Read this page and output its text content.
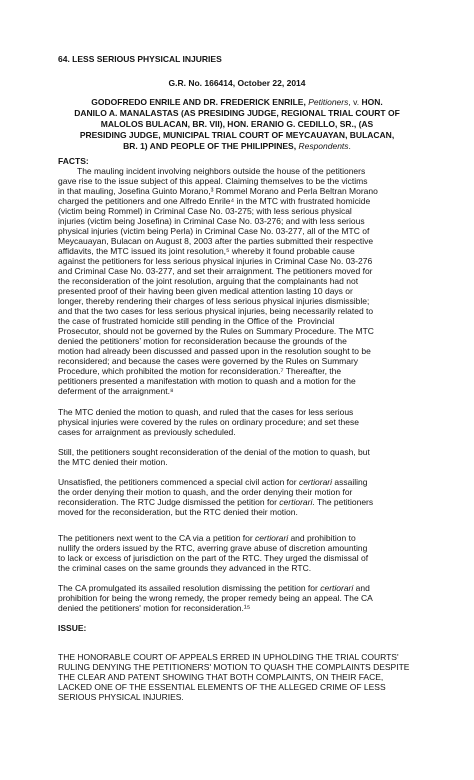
64. LESS SERIOUS PHYSICAL INJURIES
G.R. No. 166414, October 22, 2014
GODOFREDO ENRILE AND DR. FREDERICK ENRILE, Petitioners, v. HON.
DANILO A. MANALASTAS (AS PRESIDING JUDGE, REGIONAL TRIAL COURT OF
MALOLOS BULACAN, BR. VII), HON. ERANIO G. CEDILLO, SR., (AS
PRESIDING JUDGE, MUNICIPAL TRIAL COURT OF MEYCAUAYAN, BULACAN,
BR. 1) AND PEOPLE OF THE PHILIPPINES, Respondents.
FACTS:
The mauling incident involving neighbors outside the house of the petitioners
gave rise to the issue subject of this appeal. Claiming themselves to be the victims
in that mauling, Josefina Guinto Morano,³ Rommel Morano and Perla Beltran Morano
charged the petitioners and one Alfredo Enrile⁴ in the MTC with frustrated homicide
(victim being Rommel) in Criminal Case No. 03-275; with less serious physical
injuries (victim being Josefina) in Criminal Case No. 03-276; and with less serious
physical injuries (victim being Perla) in Criminal Case No. 03-277, all of the MTC of
Meycauayan, Bulacan on August 8, 2003 after the parties submitted their respective
affidavits, the MTC issued its joint resolution,⁵ whereby it found probable cause
against the petitioners for less serious physical injuries in Criminal Case No. 03-276
and Criminal Case No. 03-277, and set their arraignment. The petitioners moved for
the reconsideration of the joint resolution, arguing that the complainants had not
presented proof of their having been given medical attention lasting 10 days or
longer, thereby rendering their charges of less serious physical injuries dismissible;
and that the two cases for less serious physical injuries, being necessarily related to
the case of frustrated homicide still pending in the Office of the  Provincial
Prosecutor, should not be governed by the Rules on Summary Procedure. The MTC
denied the petitioners’ motion for reconsideration because the grounds of the
motion had already been discussed and passed upon in the resolution sought to be
reconsidered; and because the cases were governed by the Rules on Summary
Procedure, which prohibited the motion for reconsideration.⁷ Thereafter, the
petitioners presented a manifestation with motion to quash and a motion for the
deferment of the arraignment.⁸
The MTC denied the motion to quash, and ruled that the cases for less serious
physical injuries were covered by the rules on ordinary procedure; and set these
cases for arraignment as previously scheduled.
Still, the petitioners sought reconsideration of the denial of the motion to quash, but
the MTC denied their motion.
Unsatisfied, the petitioners commenced a special civil action for certiorari assailing
the order denying their motion to quash, and the order denying their motion for
reconsideration. The RTC Judge dismissed the petition for certiorari. The petitioners
moved for the reconsideration, but the RTC denied their motion.
The petitioners next went to the CA via a petition for certiorari and prohibition to
nullify the orders issued by the RTC, averring grave abuse of discretion amounting
to lack or excess of jurisdiction on the part of the RTC. They urged the dismissal of
the criminal cases on the same grounds they advanced in the RTC.
The CA promulgated its assailed resolution dismissing the petition for certiorari and
prohibition for being the wrong remedy, the proper remedy being an appeal. The CA
denied the petitioners' motion for reconsideration.¹⁵
ISSUE:
THE HONORABLE COURT OF APPEALS ERRED IN UPHOLDING THE TRIAL COURTS'
RULING DENYING THE PETITIONERS' MOTION TO QUASH THE COMPLAINTS DESPITE
THE CLEAR AND PATENT SHOWING THAT BOTH COMPLAINTS, ON THEIR FACE,
LACKED ONE OF THE ESSENTIAL ELEMENTS OF THE ALLEGED CRIME OF LESS
SERIOUS PHYSICAL INJURIES.
